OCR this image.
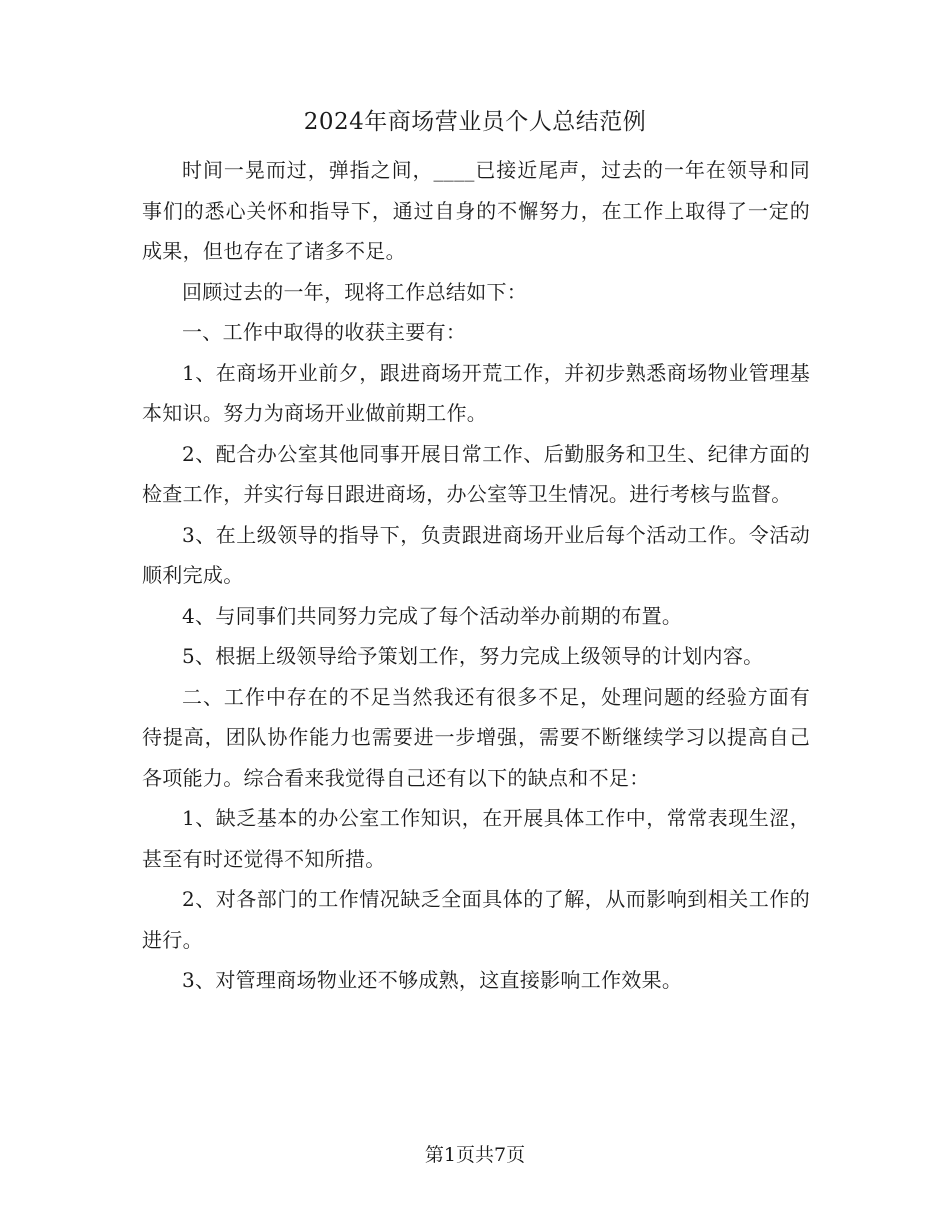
2024年商场营业员个人总结范例

时间一晃而过，弹指之间，____已接近尾声，过去的一年在领导和同事们的悉心关怀和指导下，通过自身的不懈努力，在工作上取得了一定的成果，但也存在了诸多不足。

回顾过去的一年，现将工作总结如下：

一、工作中取得的收获主要有：

1、在商场开业前夕，跟进商场开荒工作，并初步熟悉商场物业管理基本知识。努力为商场开业做前期工作。

2、配合办公室其他同事开展日常工作、后勤服务和卫生、纪律方面的检查工作，并实行每日跟进商场，办公室等卫生情况。进行考核与监督。

3、在上级领导的指导下，负责跟进商场开业后每个活动工作。令活动顺利完成。

4、与同事们共同努力完成了每个活动举办前期的布置。

5、根据上级领导给予策划工作，努力完成上级领导的计划内容。

二、工作中存在的不足当然我还有很多不足，处理问题的经验方面有待提高，团队协作能力也需要进一步增强，需要不断继续学习以提高自己各项能力。综合看来我觉得自己还有以下的缺点和不足：

1、缺乏基本的办公室工作知识，在开展具体工作中，常常表现生涩，甚至有时还觉得不知所措。

2、对各部门的工作情况缺乏全面具体的了解，从而影响到相关工作的进行。

3、对管理商场物业还不够成熟，这直接影响工作效果。

第1页共7页
